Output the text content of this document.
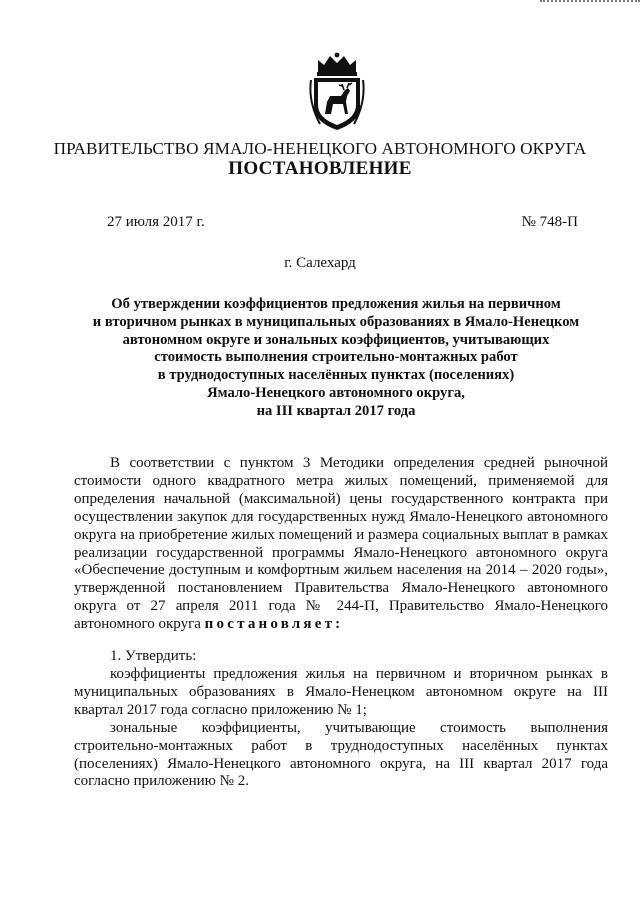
ПРАВИТЕЛЬСТВО ЯМАЛО-НЕНЕЦКОГО АВТОНОМНОГО ОКРУГА
ПОСТАНОВЛЕНИЕ
27 июля 2017 г.	№ 748-П
г. Салехард
Об утверждении коэффициентов предложения жилья на первичном
и вторичном рынках в муниципальных образованиях в Ямало-Ненецком
автономном округе и зональных коэффициентов, учитывающих
стоимость выполнения строительно-монтажных работ
в труднодоступных населённых пунктах (поселениях)
Ямало-Ненецкого автономного округа,
на III квартал 2017 года
В соответствии с пунктом 3 Методики определения средней рыночной стоимости одного квадратного метра жилых помещений, применяемой для определения начальной (максимальной) цены государственного контракта при осуществлении закупок для государственных нужд Ямало-Ненецкого автономного округа на приобретение жилых помещений и размера социальных выплат в рамках реализации государственной программы Ямало-Ненецкого автономного округа «Обеспечение доступным и комфортным жильем населения на 2014 – 2020 годы», утвержденной постановлением Правительства Ямало-Ненецкого автономного округа от 27 апреля 2011 года № 244-П, Правительство Ямало-Ненецкого автономного округа постановляет:
1. Утвердить:
коэффициенты предложения жилья на первичном и вторичном рынках в муниципальных образованиях в Ямало-Ненецком автономном округе на III квартал 2017 года согласно приложению № 1;
зональные коэффициенты, учитывающие стоимость выполнения строительно-монтажных работ в труднодоступных населённых пунктах (поселениях) Ямало-Ненецкого автономного округа, на III квартал 2017 года согласно приложению № 2.
